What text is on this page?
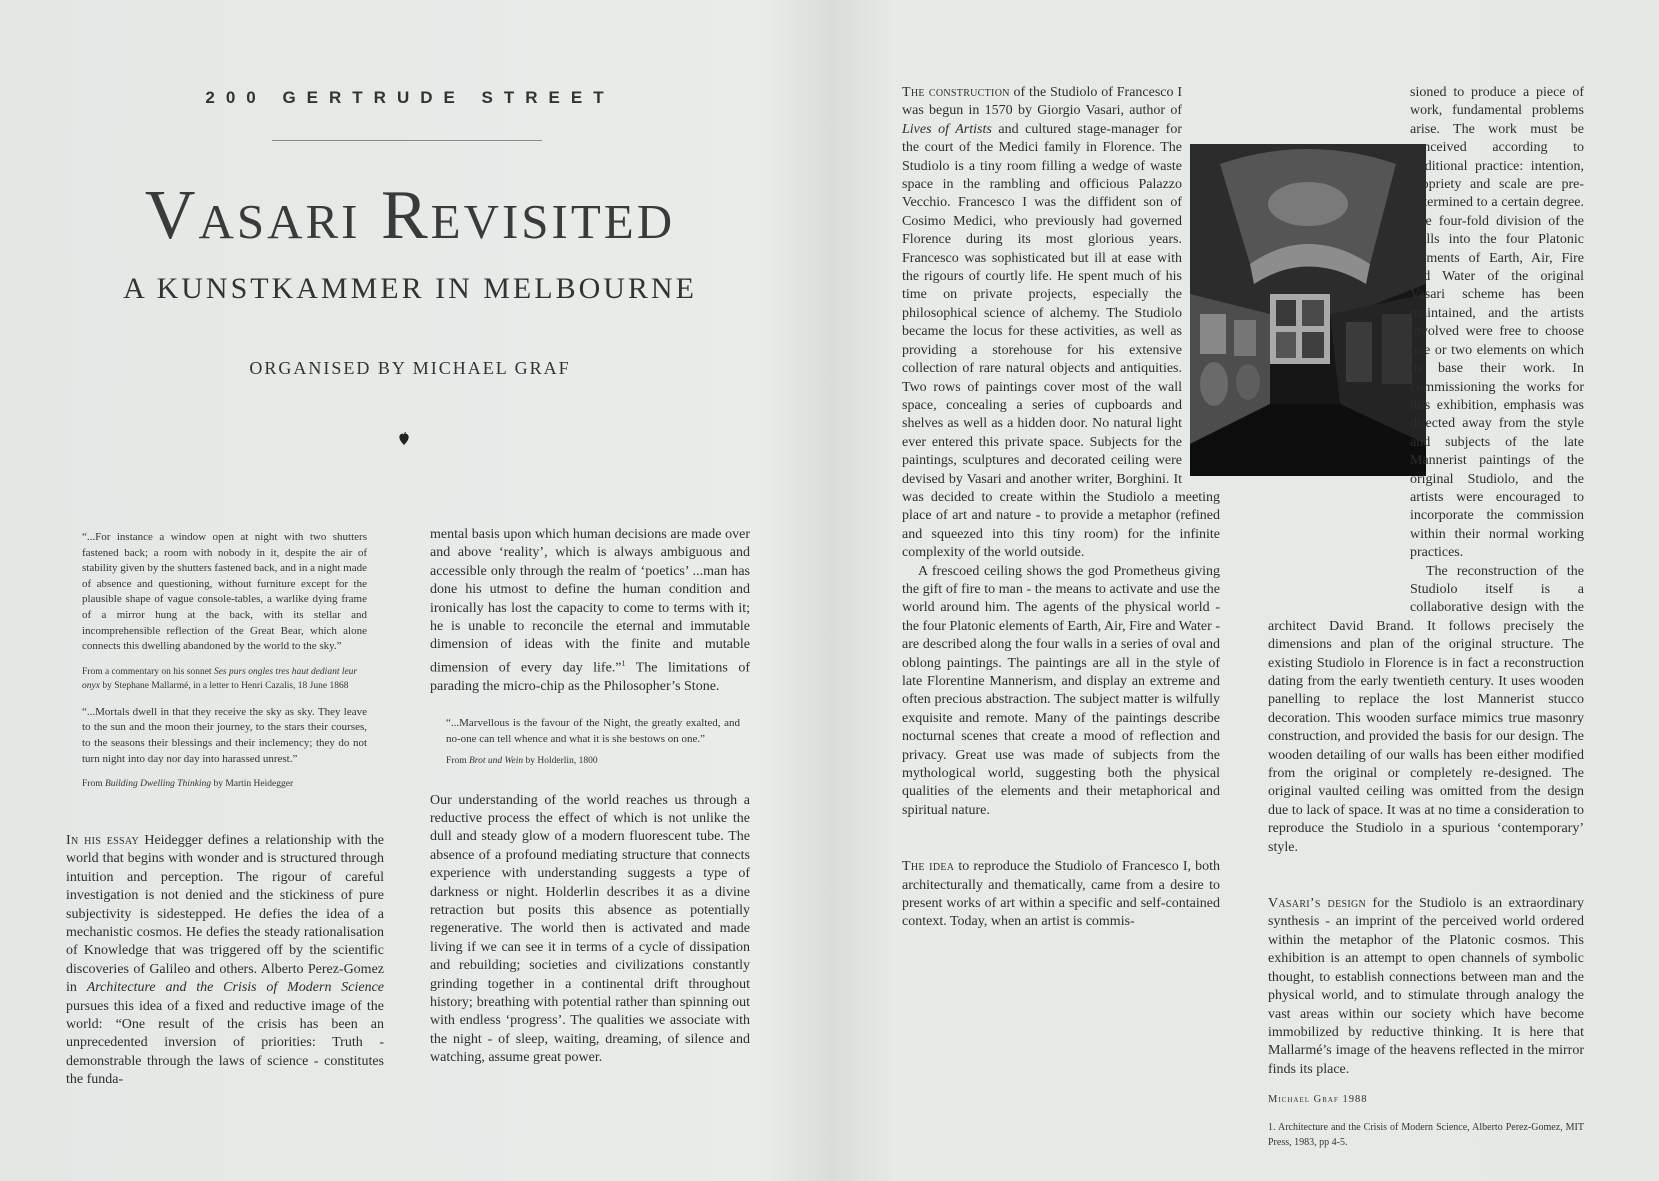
200 GERTRUDE STREET
Vasari Revisited
A KUNSTKAMMER IN MELBOURNE
ORGANISED BY MICHAEL GRAF

“...For instance a window open at night with two shutters fastened back; a room with nobody in it, despite the air of stability given by the shutters fastened back, and in a night made of absence and questioning, without furniture except for the plausible shape of vague console-tables, a warlike dying frame of a mirror hung at the back, with its stellar and incomprehensible reflection of the Great Bear, which alone connects this dwelling abandoned by the world to the sky.”

From a commentary on his sonnet Ses purs ongles tres haut dediant leur onyx by Stephane Mallarmé, in a letter to Henri Cazalis, 18 June 1868

“...Mortals dwell in that they receive the sky as sky. They leave to the sun and the moon their journey, to the stars their courses, to the seasons their blessings and their inclemency; they do not turn night into day nor day into harassed unrest.”

From Building Dwelling Thinking by Martin Heidegger

In his essay Heidegger defines a relationship with the world that begins with wonder and is structured through intuition and perception. The rigour of careful investigation is not denied and the stickiness of pure subjectivity is sidestepped. He defies the idea of a mechanistic cosmos. He defies the steady rationalisation of Knowledge that was triggered off by the scientific discoveries of Galileo and others. Alberto Perez-Gomez in Architecture and the Crisis of Modern Science pursues this idea of a fixed and reductive image of the world: “One result of the crisis has been an unprecedented inversion of priorities: Truth - demonstrable through the laws of science - constitutes the funda-

mental basis upon which human decisions are made over and above ‘reality’, which is always ambiguous and accessible only through the realm of ‘poetics’ ...man has done his utmost to define the human condition and ironically has lost the capacity to come to terms with it; he is unable to reconcile the eternal and immutable dimension of ideas with the finite and mutable dimension of every day life.”$^1$ The limitations of parading the micro-chip as the Philosopher’s Stone.

“...Marvellous is the favour of the Night, the greatly exalted, and no-one can tell whence and what it is she bestows on one.”

From Brot und Wein by Holderlin, 1800

Our understanding of the world reaches us through a reductive process the effect of which is not unlike the dull and steady glow of a modern fluorescent tube. The absence of a profound mediating structure that connects experience with understanding suggests a type of darkness or night. Holderlin describes it as a divine retraction but posits this absence as potentially regenerative. The world then is activated and made living if we can see it in terms of a cycle of dissipation and rebuilding; societies and civilizations constantly grinding together in a continental drift throughout history; breathing with potential rather than spinning out with endless ‘progress’. The qualities we associate with the night - of sleep, waiting, dreaming, of silence and watching, assume great power.

The construction of the Studiolo of Francesco I was begun in 1570 by Giorgio Vasari, author of Lives of Artists and cultured stage-manager for the court of the Medici family in Florence. The Studiolo is a tiny room filling a wedge of waste space in the rambling and officious Palazzo Vecchio. Francesco I was the diffident son of Cosimo Medici, who previously had governed Florence during its most glorious years. Francesco was sophisticated but ill at ease with the rigours of courtly life. He spent much of his time on private projects, especially the philosophical science of alchemy. The Studiolo became the locus for these activities, as well as providing a storehouse for his extensive collection of rare natural objects and antiquities. Two rows of paintings cover most of the wall space, concealing a series of cupboards and shelves as well as a hidden door. No natural light ever entered this private space. Subjects for the paintings, sculptures and decorated ceiling were devised by Vasari and another writer, Borghini. It was decided to create within the Studiolo a meeting place of art and nature - to provide a metaphor (refined and squeezed into this tiny room) for the infinite complexity of the world outside.

A frescoed ceiling shows the god Prometheus giving the gift of fire to man - the means to activate and use the world around him. The agents of the physical world - the four Platonic elements of Earth, Air, Fire and Water - are described along the four walls in a series of oval and oblong paintings. The paintings are all in the style of late Florentine Mannerism, and display an extreme and often precious abstraction. The subject matter is wilfully exquisite and remote. Many of the paintings describe nocturnal scenes that create a mood of reflection and privacy. Great use was made of subjects from the mythological world, suggesting both the physical qualities of the elements and their metaphorical and spiritual nature.

The idea to reproduce the Studiolo of Francesco I, both architecturally and thematically, came from a desire to present works of art within a specific and self-contained context. Today, when an artist is commis-

sioned to produce a piece of work, fundamental problems arise. The work must be conceived according to traditional practice: intention, propriety and scale are pre-determined to a certain degree. The four-fold division of the walls into the four Platonic elements of Earth, Air, Fire and Water of the original Vasari scheme has been maintained, and the artists involved were free to choose one or two elements on which to base their work. In commissioning the works for this exhibition, emphasis was directed away from the style and subjects of the late Mannerist paintings of the original Studiolo, and the artists were encouraged to incorporate the commission within their normal working practices.

The reconstruction of the Studiolo itself is a collaborative design with the architect David Brand. It follows precisely the dimensions and plan of the original structure. The existing Studiolo in Florence is in fact a reconstruction dating from the early twentieth century. It uses wooden panelling to replace the lost Mannerist stucco decoration. This wooden surface mimics true masonry construction, and provided the basis for our design. The wooden detailing of our walls has been either modified from the original or completely re-designed. The original vaulted ceiling was omitted from the design due to lack of space. It was at no time a consideration to reproduce the Studiolo in a spurious ‘contemporary’ style.

Vasari’s design for the Studiolo is an extraordinary synthesis - an imprint of the perceived world ordered within the metaphor of the Platonic cosmos. This exhibition is an attempt to open channels of symbolic thought, to establish connections between man and the physical world, and to stimulate through analogy the vast areas within our society which have become immobilized by reductive thinking. It is here that Mallarmé’s image of the heavens reflected in the mirror finds its place.

Michael Graf 1988

1. Architecture and the Crisis of Modern Science, Alberto Perez-Gomez, MIT Press, 1983, pp 4-5.
